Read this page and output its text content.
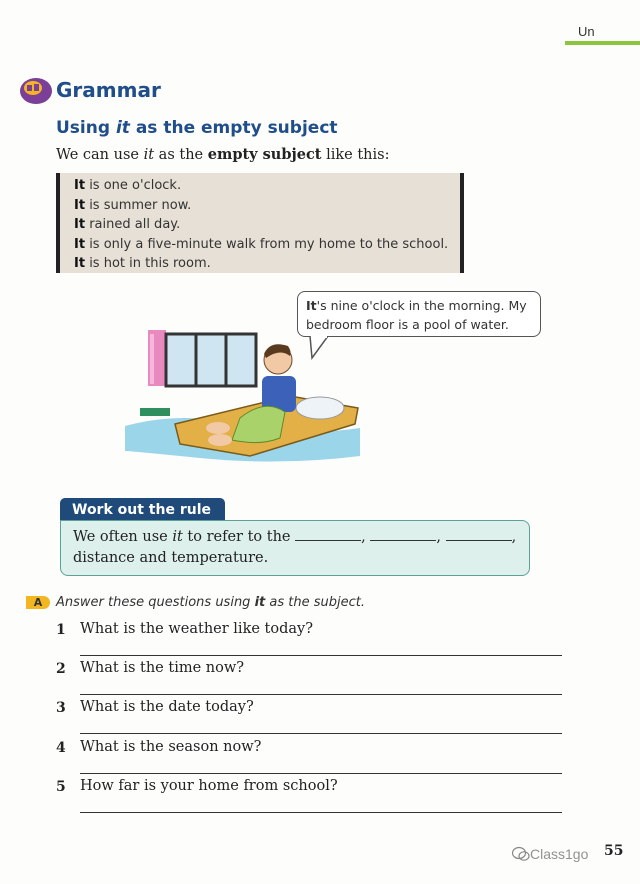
Un
Grammar
Using it as the empty subject
We can use it as the empty subject like this:
It is one o'clock.
It is summer now.
It rained all day.
It is only a five-minute walk from my home to the school.
It is hot in this room.
It's nine o'clock in the morning. My bedroom floor is a pool of water.
Work out the rule
We often use it to refer to the	,	,	,
distance and temperature.
A	Answer these questions using it as the subject.
1 What is the weather like today?
2 What is the time now?
3 What is the date today?
4 What is the season now?
5 How far is your home from school?
Class1go 55
